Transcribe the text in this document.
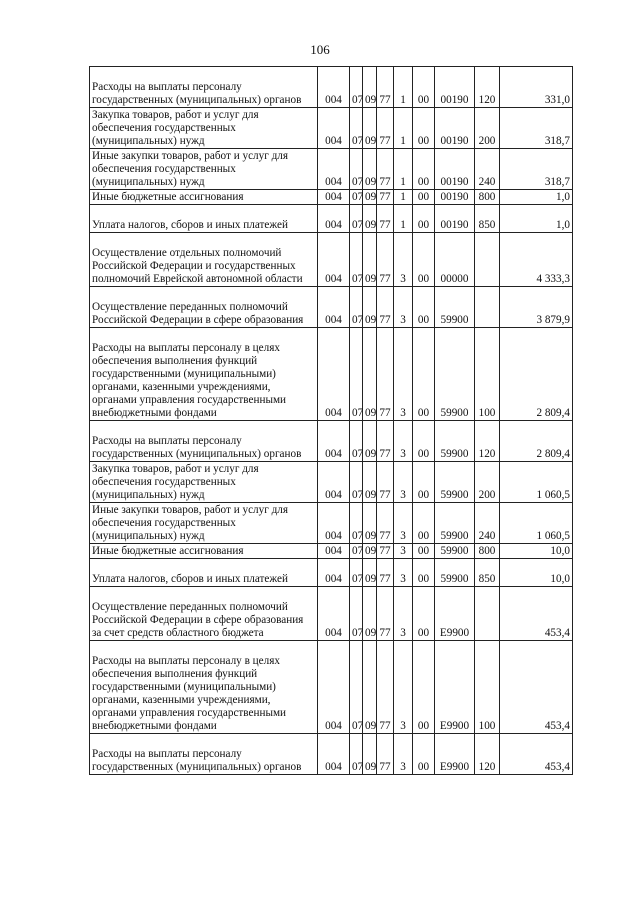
106
Расходы на выплаты персоналу государственных (муниципальных) органов	004	07	09	77	1	00	00190	120	331,0
Закупка товаров, работ и услуг для обеспечения государственных (муниципальных) нужд	004	07	09	77	1	00	00190	200	318,7
Иные закупки товаров, работ и услуг для обеспечения государственных (муниципальных) нужд	004	07	09	77	1	00	00190	240	318,7
Иные бюджетные ассигнования	004	07	09	77	1	00	00190	800	1,0
Уплата налогов, сборов и иных платежей	004	07	09	77	1	00	00190	850	1,0
Осуществление отдельных полномочий Российской Федерации и государственных полномочий Еврейской автономной области	004	07	09	77	3	00	00000		4 333,3
Осуществление переданных полномочий Российской Федерации в сфере образования	004	07	09	77	3	00	59900		3 879,9
Расходы на выплаты персоналу в целях обеспечения выполнения функций государственными (муниципальными) органами, казенными учреждениями, органами управления государственными внебюджетными фондами	004	07	09	77	3	00	59900	100	2 809,4
Расходы на выплаты персоналу государственных (муниципальных) органов	004	07	09	77	3	00	59900	120	2 809,4
Закупка товаров, работ и услуг для обеспечения государственных (муниципальных) нужд	004	07	09	77	3	00	59900	200	1 060,5
Иные закупки товаров, работ и услуг для обеспечения государственных (муниципальных) нужд	004	07	09	77	3	00	59900	240	1 060,5
Иные бюджетные ассигнования	004	07	09	77	3	00	59900	800	10,0
Уплата налогов, сборов и иных платежей	004	07	09	77	3	00	59900	850	10,0
Осуществление переданных полномочий Российской Федерации в сфере образования за счет средств областного бюджета	004	07	09	77	3	00	Е9900		453,4
Расходы на выплаты персоналу в целях обеспечения выполнения функций государственными (муниципальными) органами, казенными учреждениями, органами управления государственными внебюджетными фондами	004	07	09	77	3	00	Е9900	100	453,4
Расходы на выплаты персоналу государственных (муниципальных) органов	004	07	09	77	3	00	Е9900	120	453,4
